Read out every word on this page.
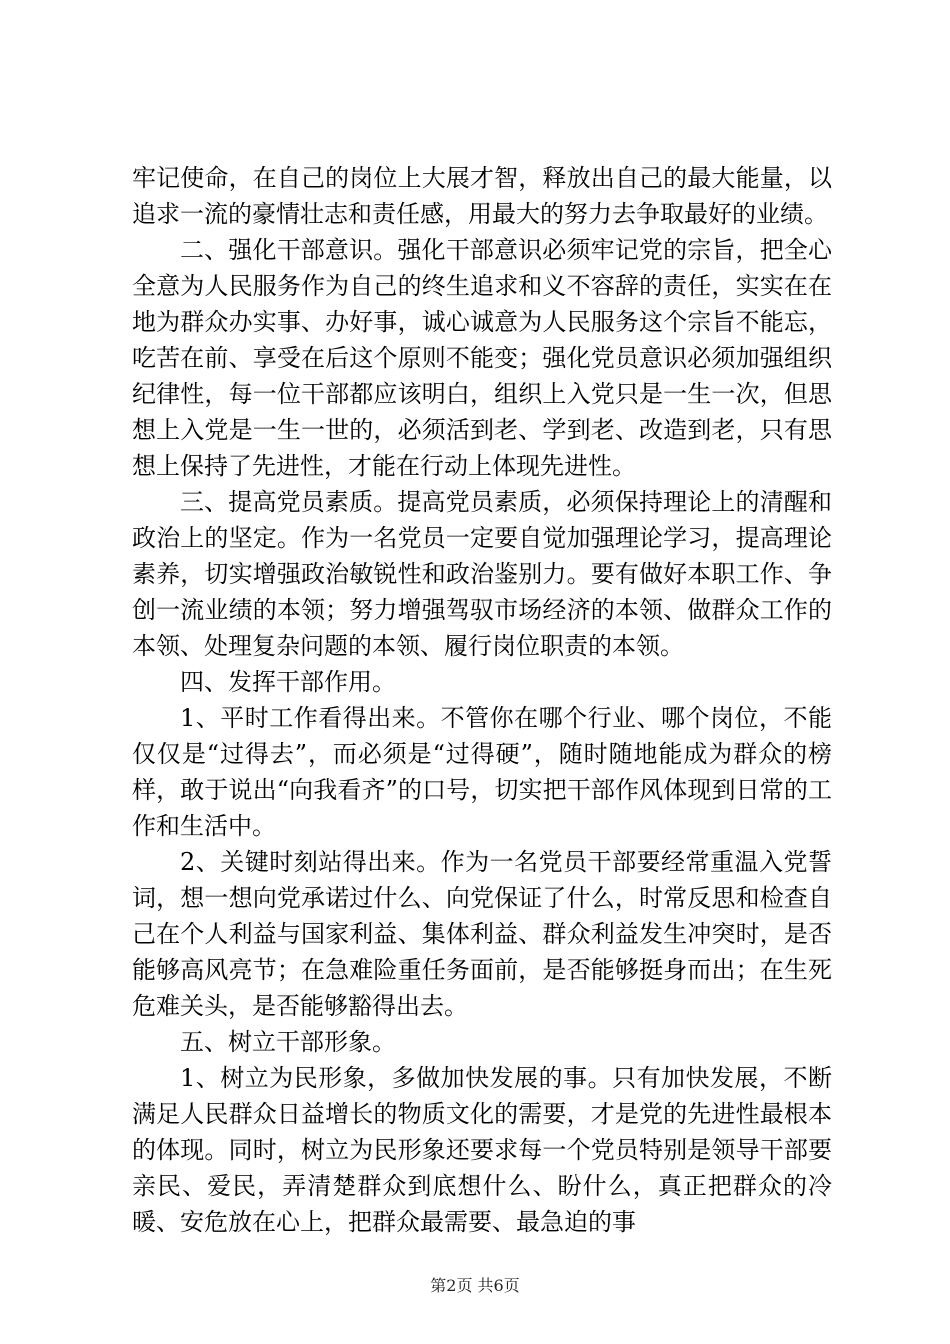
牢记使命，在自己的岗位上大展才智，释放出自己的最大能量，以追求一流的豪情壮志和责任感，用最大的努力去争取最好的业绩。

二、强化干部意识。强化干部意识必须牢记党的宗旨，把全心全意为人民服务作为自己的终生追求和义不容辞的责任，实实在在地为群众办实事、办好事，诚心诚意为人民服务这个宗旨不能忘，吃苦在前、享受在后这个原则不能变；强化党员意识必须加强组织纪律性，每一位干部都应该明白，组织上入党只是一生一次，但思想上入党是一生一世的，必须活到老、学到老、改造到老，只有思想上保持了先进性，才能在行动上体现先进性。

三、提高党员素质。提高党员素质，必须保持理论上的清醒和政治上的坚定。作为一名党员一定要自觉加强理论学习，提高理论素养，切实增强政治敏锐性和政治鉴别力。要有做好本职工作、争创一流业绩的本领；努力增强驾驭市场经济的本领、做群众工作的本领、处理复杂问题的本领、履行岗位职责的本领。

四、发挥干部作用。

1、平时工作看得出来。不管你在哪个行业、哪个岗位，不能仅仅是“过得去”，而必须是“过得硬”，随时随地能成为群众的榜样，敢于说出“向我看齐”的口号，切实把干部作风体现到日常的工作和生活中。

2、关键时刻站得出来。作为一名党员干部要经常重温入党誓词，想一想向党承诺过什么、向党保证了什么，时常反思和检查自己在个人利益与国家利益、集体利益、群众利益发生冲突时，是否能够高风亮节；在急难险重任务面前，是否能够挺身而出；在生死危难关头，是否能够豁得出去。

五、树立干部形象。

1、树立为民形象，多做加快发展的事。只有加快发展，不断满足人民群众日益增长的物质文化的需要，才是党的先进性最根本的体现。同时，树立为民形象还要求每一个党员特别是领导干部要亲民、爱民，弄清楚群众到底想什么、盼什么，真正把群众的冷暖、安危放在心上，把群众最需要、最急迫的事

第2页 共6页
